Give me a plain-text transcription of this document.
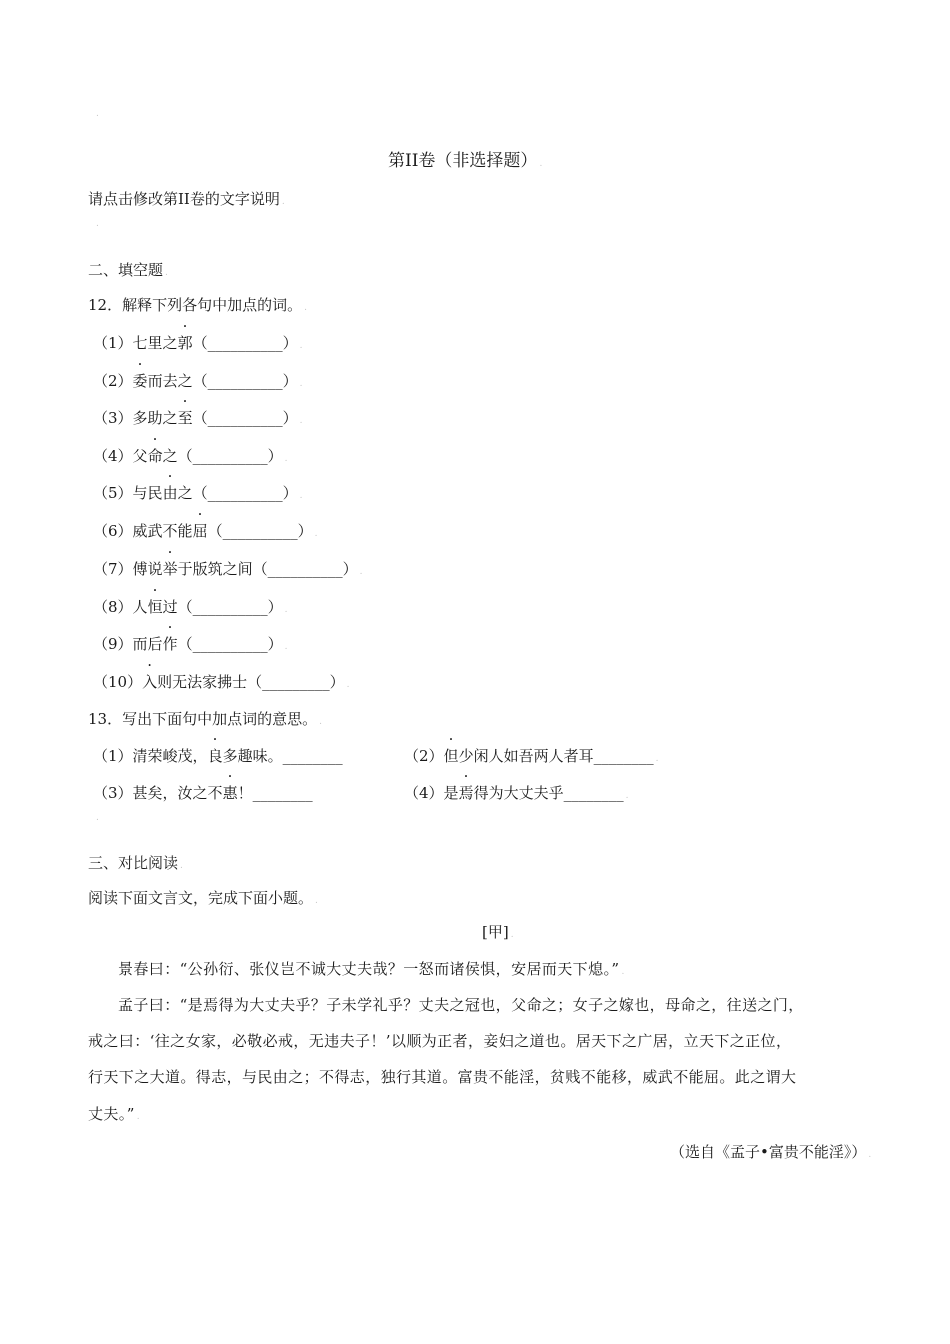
.
第II卷（非选择题） .
请点击修改第II卷的文字说明 .
.
二、填空题 .
12．解释下列各句中加点的词。 .
（1）七里之郭（__________） .
（2）委而去之（__________） .
（3）多助之至（__________） .
（4）父命之（__________） .
（5）与民由之（__________） .
（6）威武不能屈（__________） .
（7）傅说举于版筑之间（__________） .
（8）人恒过（__________） .
（9）而后作（__________） .
（10）入则无法家拂士（_________） .
13．写出下面句中加点词的意思。 .
（1）清荣峻茂，良多趣味。________	（2）但少闲人如吾两人者耳________ .
（3）甚矣，汝之不惠！________	（4）是焉得为大丈夫乎________ .
.
三、对比阅读 .
阅读下面文言文，完成下面小题。 .
[甲] .
景春曰：“公孙衍、张仪岂不诚大丈夫哉？一怒而诸侯惧，安居而天下熄。” .
孟子曰：“是焉得为大丈夫乎？子未学礼乎？丈夫之冠也，父命之；女子之嫁也，母命之，往送之门，
戒之曰：‘往之女家，必敬必戒，无违夫子！’以顺为正者，妾妇之道也。居天下之广居，立天下之正位，
行天下之大道。得志，与民由之；不得志，独行其道。富贵不能淫，贫贱不能移，威武不能屈。此之谓大
丈夫。” .
（选自《孟子•富贵不能淫》） .
